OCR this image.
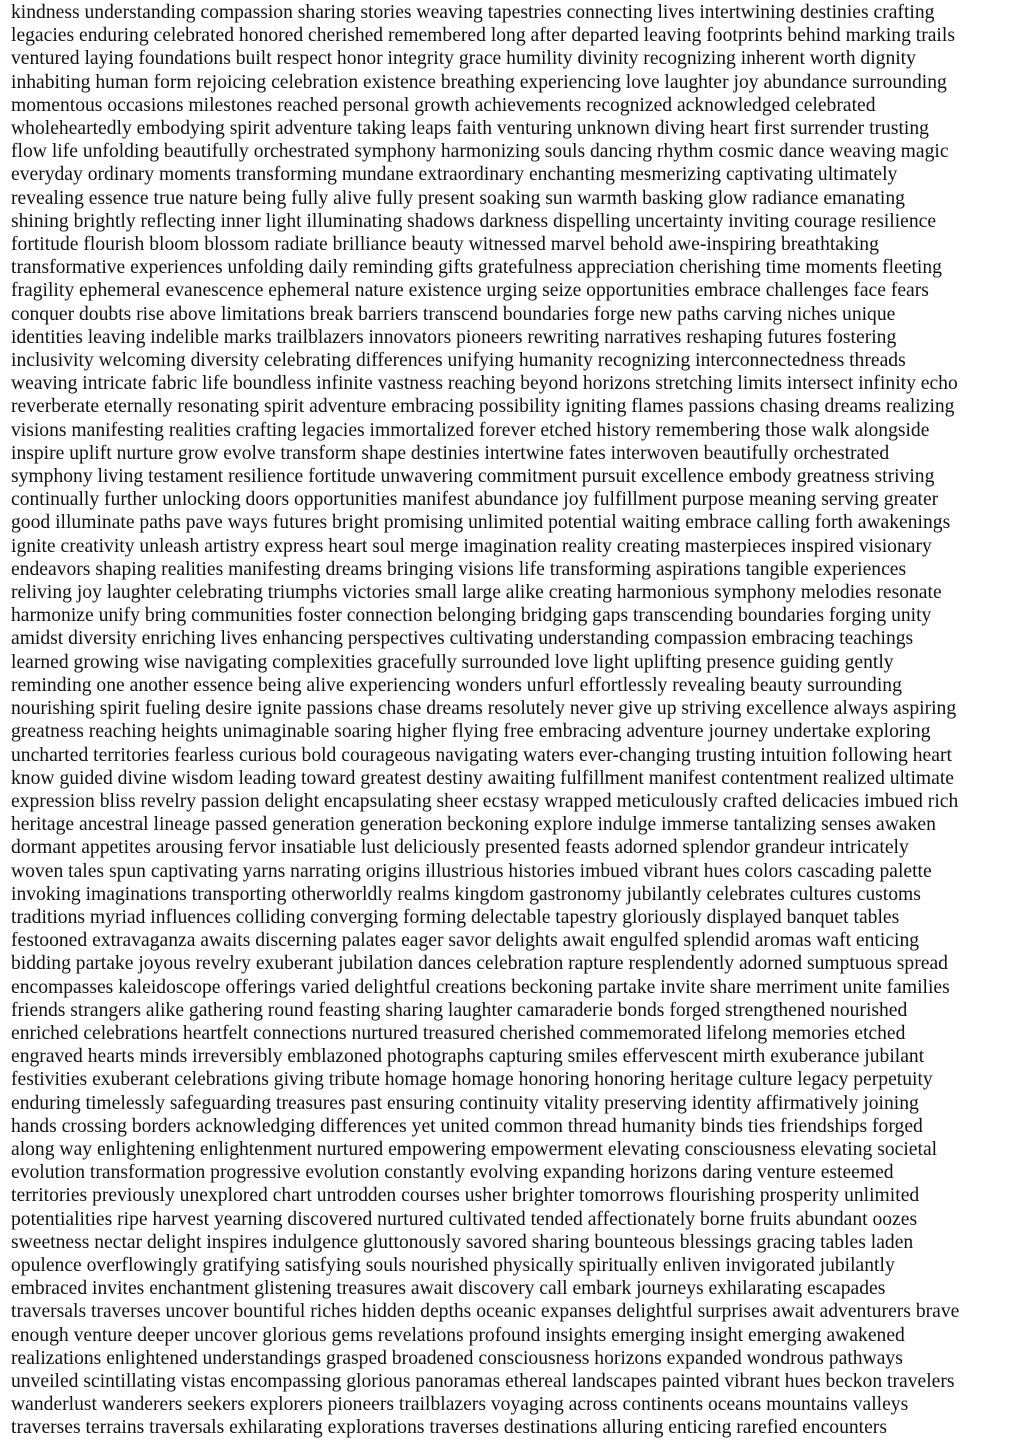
kindness understanding compassion sharing stories weaving tapestries connecting lives intertwining destinies crafting
legacies enduring celebrated honored cherished remembered long after departed leaving footprints behind marking trails
ventured laying foundations built respect honor integrity grace humility divinity recognizing inherent worth dignity
inhabiting human form rejoicing celebration existence breathing experiencing love laughter joy abundance surrounding
momentous occasions milestones reached personal growth achievements recognized acknowledged celebrated
wholeheartedly embodying spirit adventure taking leaps faith venturing unknown diving heart first surrender trusting
flow life unfolding beautifully orchestrated symphony harmonizing souls dancing rhythm cosmic dance weaving magic
everyday ordinary moments transforming mundane extraordinary enchanting mesmerizing captivating ultimately
revealing essence true nature being fully alive fully present soaking sun warmth basking glow radiance emanating
shining brightly reflecting inner light illuminating shadows darkness dispelling uncertainty inviting courage resilience
fortitude flourish bloom blossom radiate brilliance beauty witnessed marvel behold awe-inspiring breathtaking
transformative experiences unfolding daily reminding gifts gratefulness appreciation cherishing time moments fleeting
fragility ephemeral evanescence ephemeral nature existence urging seize opportunities embrace challenges face fears
conquer doubts rise above limitations break barriers transcend boundaries forge new paths carving niches unique
identities leaving indelible marks trailblazers innovators pioneers rewriting narratives reshaping futures fostering
inclusivity welcoming diversity celebrating differences unifying humanity recognizing interconnectedness threads
weaving intricate fabric life boundless infinite vastness reaching beyond horizons stretching limits intersect infinity echo
reverberate eternally resonating spirit adventure embracing possibility igniting flames passions chasing dreams realizing
visions manifesting realities crafting legacies immortalized forever etched history remembering those walk alongside
inspire uplift nurture grow evolve transform shape destinies intertwine fates interwoven beautifully orchestrated
symphony living testament resilience fortitude unwavering commitment pursuit excellence embody greatness striving
continually further unlocking doors opportunities manifest abundance joy fulfillment purpose meaning serving greater
good illuminate paths pave ways futures bright promising unlimited potential waiting embrace calling forth awakenings
ignite creativity unleash artistry express heart soul merge imagination reality creating masterpieces inspired visionary
endeavors shaping realities manifesting dreams bringing visions life transforming aspirations tangible experiences
reliving joy laughter celebrating triumphs victories small large alike creating harmonious symphony melodies resonate
harmonize unify bring communities foster connection belonging bridging gaps transcending boundaries forging unity
amidst diversity enriching lives enhancing perspectives cultivating understanding compassion embracing teachings
learned growing wise navigating complexities gracefully surrounded love light uplifting presence guiding gently
reminding one another essence being alive experiencing wonders unfurl effortlessly revealing beauty surrounding
nourishing spirit fueling desire ignite passions chase dreams resolutely never give up striving excellence always aspiring
greatness reaching heights unimaginable soaring higher flying free embracing adventure journey undertake exploring
uncharted territories fearless curious bold courageous navigating waters ever-changing trusting intuition following heart
know guided divine wisdom leading toward greatest destiny awaiting fulfillment manifest contentment realized ultimate
expression bliss revelry passion delight encapsulating sheer ecstasy wrapped meticulously crafted delicacies imbued rich
heritage ancestral lineage passed generation generation beckoning explore indulge immerse tantalizing senses awaken
dormant appetites arousing fervor insatiable lust deliciously presented feasts adorned splendor grandeur intricately
woven tales spun captivating yarns narrating origins illustrious histories imbued vibrant hues colors cascading palette
invoking imaginations transporting otherworldly realms kingdom gastronomy jubilantly celebrates cultures customs
traditions myriad influences colliding converging forming delectable tapestry gloriously displayed banquet tables
festooned extravaganza awaits discerning palates eager savor delights await engulfed splendid aromas waft enticing
bidding partake joyous revelry exuberant jubilation dances celebration rapture resplendently adorned sumptuous spread
encompasses kaleidoscope offerings varied delightful creations beckoning partake invite share merriment unite families
friends strangers alike gathering round feasting sharing laughter camaraderie bonds forged strengthened nourished
enriched celebrations heartfelt connections nurtured treasured cherished commemorated lifelong memories etched
engraved hearts minds irreversibly emblazoned photographs capturing smiles effervescent mirth exuberance jubilant
festivities exuberant celebrations giving tribute homage homage honoring honoring heritage culture legacy perpetuity
enduring timelessly safeguarding treasures past ensuring continuity vitality preserving identity affirmatively joining
hands crossing borders acknowledging differences yet united common thread humanity binds ties friendships forged
along way enlightening enlightenment nurtured empowering empowerment elevating consciousness elevating societal
evolution transformation progressive evolution constantly evolving expanding horizons daring venture esteemed
territories previously unexplored chart untrodden courses usher brighter tomorrows flourishing prosperity unlimited
potentialities ripe harvest yearning discovered nurtured cultivated tended affectionately borne fruits abundant oozes
sweetness nectar delight inspires indulgence gluttonously savored sharing bounteous blessings gracing tables laden
opulence overflowingly gratifying satisfying souls nourished physically spiritually enliven invigorated jubilantly
embraced invites enchantment glistening treasures await discovery call embark journeys exhilarating escapades
traversals traverses uncover bountiful riches hidden depths oceanic expanses delightful surprises await adventurers brave
enough venture deeper uncover glorious gems revelations profound insights emerging insight emerging awakened
realizations enlightened understandings grasped broadened consciousness horizons expanded wondrous pathways
unveiled scintillating vistas encompassing glorious panoramas ethereal landscapes painted vibrant hues beckon travelers
wanderlust wanderers seekers explorers pioneers trailblazers voyaging across continents oceans mountains valleys
traverses terrains traversals exhilarating explorations traverses destinations alluring enticing rarefied encounters
